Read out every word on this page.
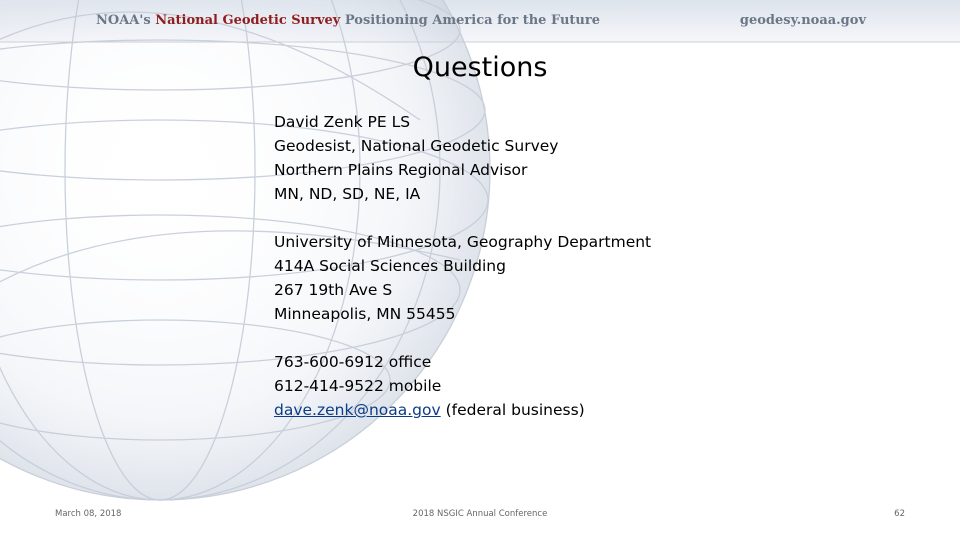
NOAA's National Geodetic Survey Positioning America for the Future	geodesy.noaa.gov
Questions
David Zenk PE LS
Geodesist, National Geodetic Survey
Northern Plains Regional Advisor
MN, ND, SD, NE, IA
University of Minnesota, Geography Department
414A Social Sciences Building
267 19th Ave S
Minneapolis, MN 55455
763-600-6912 office
612-414-9522 mobile
dave.zenk@noaa.gov (federal business)
March 08, 2018	2018 NSGIC Annual Conference	62
